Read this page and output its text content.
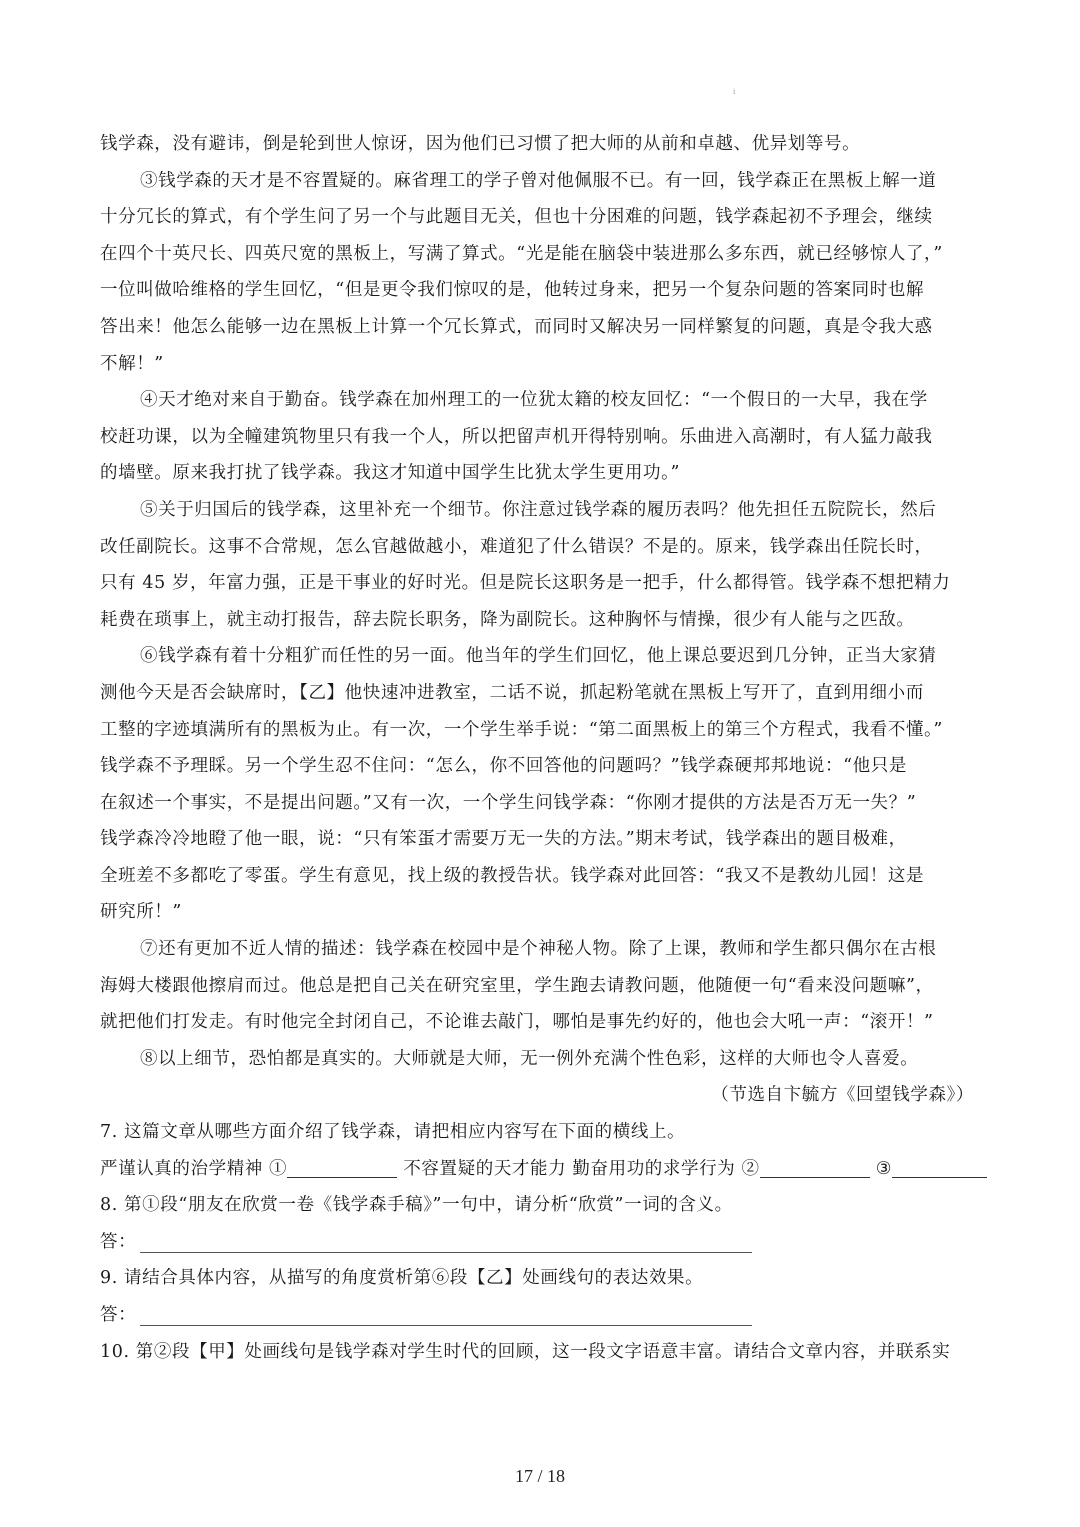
i

钱学森，没有避讳，倒是轮到世人惊讶，因为他们已习惯了把大师的从前和卓越、优异划等号。

③钱学森的天才是不容置疑的。麻省理工的学子曾对他佩服不已。有一回，钱学森正在黑板上解一道

十分冗长的算式，有个学生问了另一个与此题目无关，但也十分困难的问题，钱学森起初不予理会，继续

在四个十英尺长、四英尺宽的黑板上，写满了算式。“光是能在脑袋中装进那么多东西，就已经够惊人了，”

一位叫做哈维格的学生回忆，“但是更令我们惊叹的是，他转过身来，把另一个复杂问题的答案同时也解

答出来！他怎么能够一边在黑板上计算一个冗长算式，而同时又解决另一同样繁复的问题，真是令我大惑

不解！”

④天才绝对来自于勤奋。钱学森在加州理工的一位犹太籍的校友回忆：“一个假日的一大早，我在学

校赶功课，以为全幢建筑物里只有我一个人，所以把留声机开得特别响。乐曲进入高潮时，有人猛力敲我

的墙壁。原来我打扰了钱学森。我这才知道中国学生比犹太学生更用功。”

⑤关于归国后的钱学森，这里补充一个细节。你注意过钱学森的履历表吗？他先担任五院院长，然后

改任副院长。这事不合常规，怎么官越做越小，难道犯了什么错误？不是的。原来，钱学森出任院长时，

只有 45 岁，年富力强，正是干事业的好时光。但是院长这职务是一把手，什么都得管。钱学森不想把精力

耗费在琐事上，就主动打报告，辞去院长职务，降为副院长。这种胸怀与情操，很少有人能与之匹敌。

⑥钱学森有着十分粗犷而任性的另一面。他当年的学生们回忆，他上课总要迟到几分钟，正当大家猜

测他今天是否会缺席时，【乙】他快速冲进教室，二话不说，抓起粉笔就在黑板上写开了，直到用细小而

工整的字迹填满所有的黑板为止。有一次，一个学生举手说：“第二面黑板上的第三个方程式，我看不懂。”

钱学森不予理睬。另一个学生忍不住问：“怎么，你不回答他的问题吗？”钱学森硬邦邦地说：“他只是

在叙述一个事实，不是提出问题。”又有一次，一个学生问钱学森：“你刚才提供的方法是否万无一失？”

钱学森冷冷地瞪了他一眼，说：“只有笨蛋才需要万无一失的方法。”期末考试，钱学森出的题目极难，

全班差不多都吃了零蛋。学生有意见，找上级的教授告状。钱学森对此回答：“我又不是教幼儿园！这是

研究所！”

⑦还有更加不近人情的描述：钱学森在校园中是个神秘人物。除了上课，教师和学生都只偶尔在古根

海姆大楼跟他擦肩而过。他总是把自己关在研究室里，学生跑去请教问题，他随便一句“看来没问题嘛”，

就把他们打发走。有时他完全封闭自己，不论谁去敲门，哪怕是事先约好的，他也会大吼一声：“滚开！”

⑧以上细节，恐怕都是真实的。大师就是大师，无一例外充满个性色彩，这样的大师也令人喜爱。

（节选自卞毓方《回望钱学森》）

7. 这篇文章从哪些方面介绍了钱学森，请把相应内容写在下面的横线上。

严谨认真的治学精神 ①	不容置疑的天才能力 勤奋用功的求学行为 ②	③

8. 第①段“朋友在欣赏一卷《钱学森手稿》”一句中，请分析“欣赏”一词的含义。

答：

9. 请结合具体内容，从描写的角度赏析第⑥段【乙】处画线句的表达效果。

答：

10. 第②段【甲】处画线句是钱学森对学生时代的回顾，这一段文字语意丰富。请结合文章内容，并联系实

17 / 18
